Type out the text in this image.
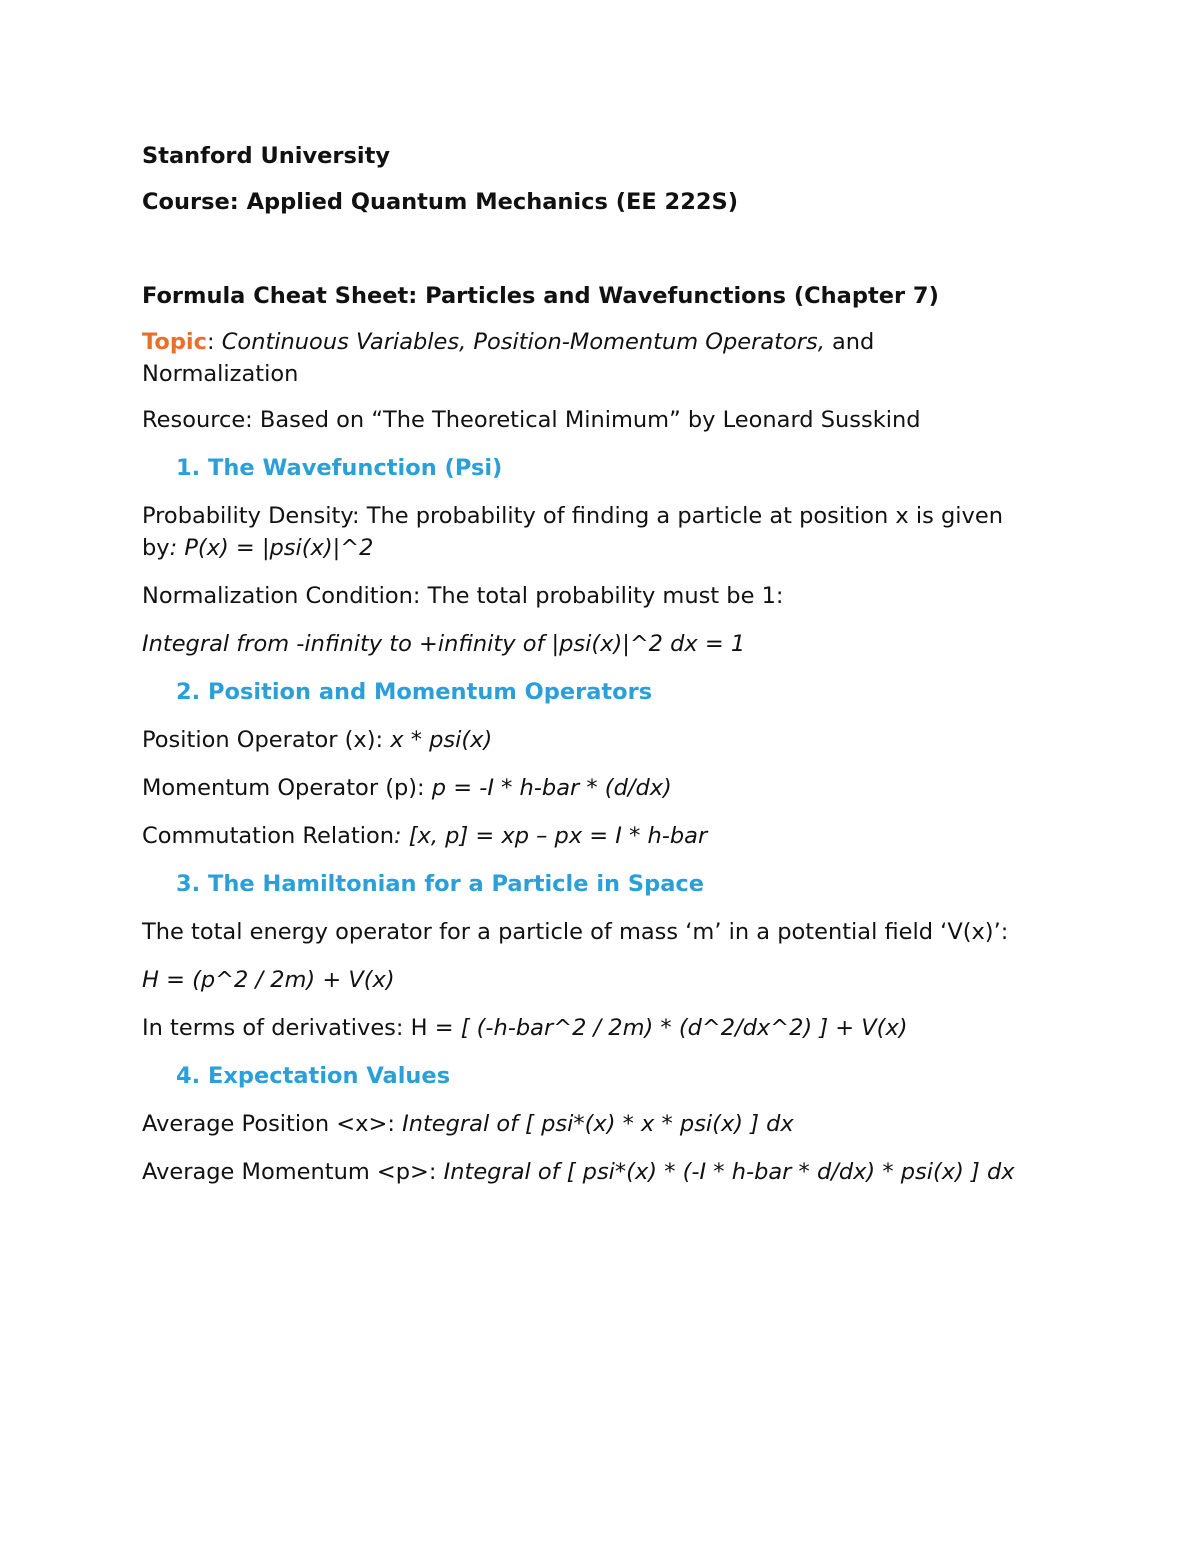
Stanford University

Course: Applied Quantum Mechanics (EE 222S)

Formula Cheat Sheet: Particles and Wavefunctions (Chapter 7)

Topic: Continuous Variables, Position-Momentum Operators, and
Normalization

Resource: Based on “The Theoretical Minimum” by Leonard Susskind

1. The Wavefunction (Psi)

Probability Density: The probability of finding a particle at position x is given
by: P(x) = |psi(x)|^2

Normalization Condition: The total probability must be 1:

Integral from -infinity to +infinity of |psi(x)|^2 dx = 1

2. Position and Momentum Operators

Position Operator (x): x * psi(x)

Momentum Operator (p): p = -I * h-bar * (d/dx)

Commutation Relation: [x, p] = xp – px = I * h-bar

3. The Hamiltonian for a Particle in Space

The total energy operator for a particle of mass ‘m’ in a potential field ‘V(x)’:

H = (p^2 / 2m) + V(x)

In terms of derivatives: H = [ (-h-bar^2 / 2m) * (d^2/dx^2) ] + V(x)

4. Expectation Values

Average Position <x>: Integral of [ psi*(x) * x * psi(x) ] dx

Average Momentum <p>: Integral of [ psi*(x) * (-I * h-bar * d/dx) * psi(x) ] dx
